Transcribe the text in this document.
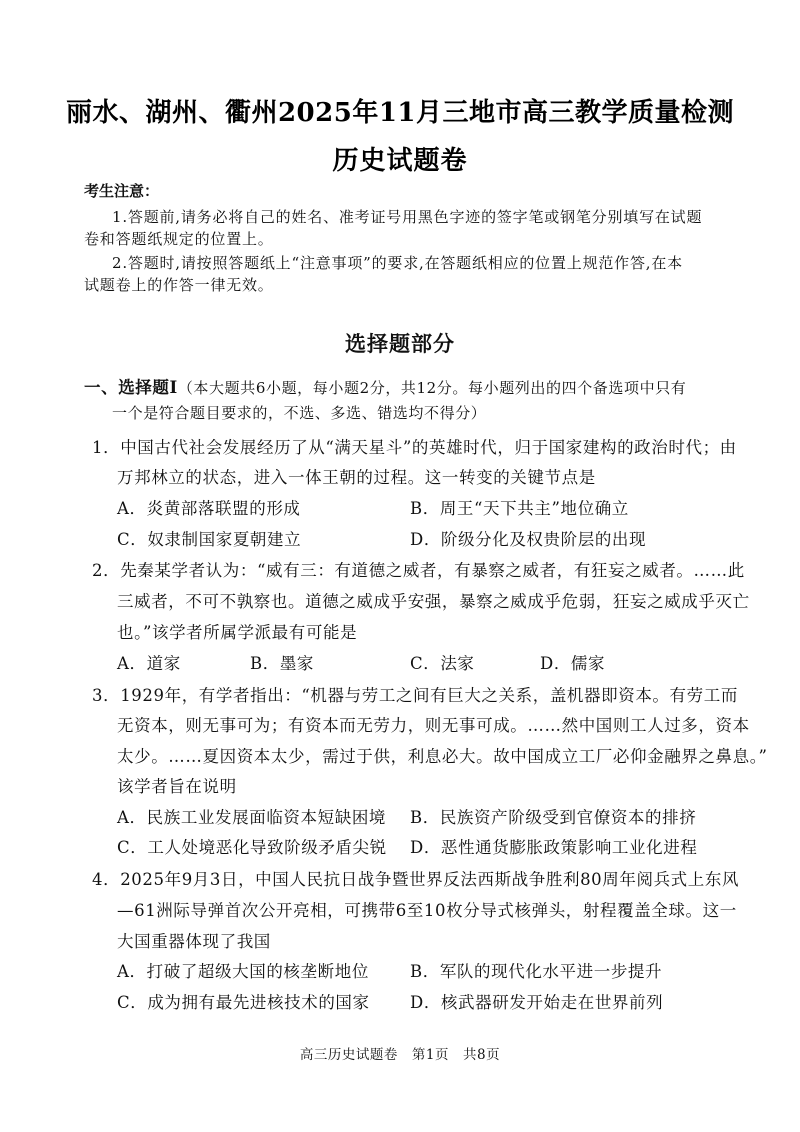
丽水、湖州、衢州2025年11月三地市高三教学质量检测
历史试题卷
考生注意：
1.答题前,请务必将自己的姓名、准考证号用黑色字迹的签字笔或钢笔分别填写在试题
卷和答题纸规定的位置上。
2.答题时,请按照答题纸上“注意事项”的要求,在答题纸相应的位置上规范作答,在本
试题卷上的作答一律无效。
选择题部分
一、选择题Ⅰ（本大题共6小题，每小题2分，共12分。每小题列出的四个备选项中只有
一个是符合题目要求的，不选、多选、错选均不得分）
1．中国古代社会发展经历了从“满天星斗”的英雄时代，归于国家建构的政治时代；由
万邦林立的状态，进入一体王朝的过程。这一转变的关键节点是
A．炎黄部落联盟的形成	B．周王“天下共主”地位确立
C．奴隶制国家夏朝建立	D．阶级分化及权贵阶层的出现
2．先秦某学者认为：“威有三：有道德之威者，有暴察之威者，有狂妄之威者。……此
三威者，不可不孰察也。道德之威成乎安强，暴察之威成乎危弱，狂妄之威成乎灭亡
也。”该学者所属学派最有可能是
A．道家	B．墨家	C．法家	D．儒家
3．1929年，有学者指出：“机器与劳工之间有巨大之关系，盖机器即资本。有劳工而
无资本，则无事可为；有资本而无劳力，则无事可成。……然中国则工人过多，资本
太少。……夏因资本太少，需过于供，利息必大。故中国成立工厂必仰金融界之鼻息。”
该学者旨在说明
A．民族工业发展面临资本短缺困境 B．民族资产阶级受到官僚资本的排挤
C．工人处境恶化导致阶级矛盾尖锐 D．恶性通货膨胀政策影响工业化进程
4．2025年9月3日，中国人民抗日战争暨世界反法西斯战争胜利80周年阅兵式上东风
—61洲际导弹首次公开亮相，可携带6至10枚分导式核弹头，射程覆盖全球。这一
大国重器体现了我国
A．打破了超级大国的核垄断地位 B．军队的现代化水平进一步提升
C．成为拥有最先进核技术的国家 D．核武器研发开始走在世界前列
高三历史试题卷　第1页　共8页
